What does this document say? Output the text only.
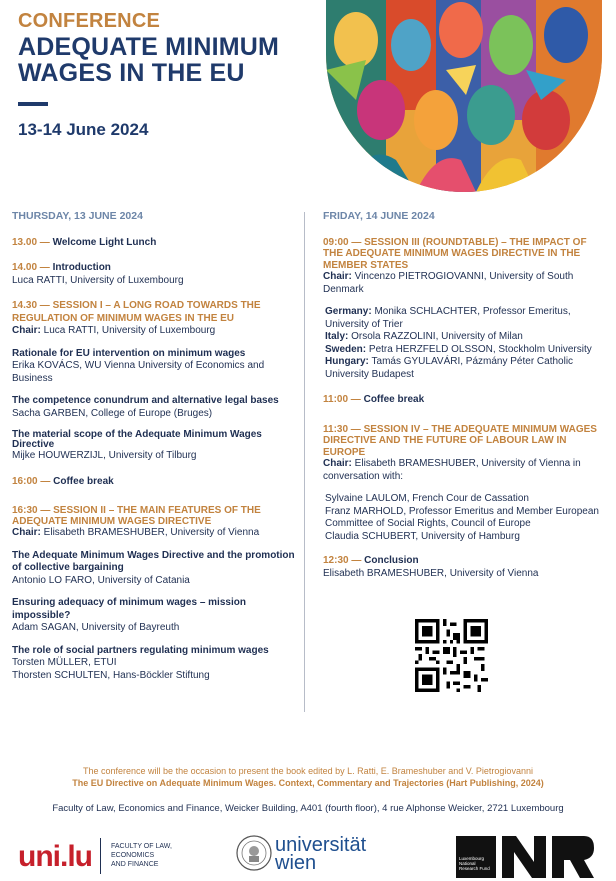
CONFERENCE
ADEQUATE MINIMUM
WAGES IN THE EU
13-14 June 2024
THURSDAY, 13 JUNE 2024
13.00 — Welcome Light Lunch
14.00 — Introduction
Luca RATTI, University of Luxembourg
14.30 — SESSION I – A LONG ROAD TOWARDS THE REGULATION OF MINIMUM WAGES IN THE EU
Chair: Luca RATTI, University of Luxembourg
Rationale for EU intervention on minimum wages
Erika KOVÁCS, WU Vienna University of Economics and Business
The competence conundrum and alternative legal bases
Sacha GARBEN, College of Europe (Bruges)
The material scope of the Adequate Minimum Wages Directive
Mijke HOUWERZIJL, University of Tilburg
16:00 — Coffee break
16:30 — SESSION II – THE MAIN FEATURES OF THE ADEQUATE MINIMUM WAGES DIRECTIVE
Chair: Elisabeth BRAMESHUBER, University of Vienna
The Adequate Minimum Wages Directive and the promotion of collective bargaining
Antonio LO FARO, University of Catania
Ensuring adequacy of minimum wages – mission impossible?
Adam SAGAN, University of Bayreuth
The role of social partners regulating minimum wages
Torsten MÜLLER, ETUI
Thorsten SCHULTEN, Hans-Böckler Stiftung
FRIDAY, 14 JUNE 2024
09:00 — SESSION III (ROUNDTABLE) – THE IMPACT OF THE ADEQUATE MINIMUM WAGES DIRECTIVE IN THE MEMBER STATES
Chair: Vincenzo PIETROGIOVANNI, University of South Denmark
Germany: Monika SCHLACHTER, Professor Emeritus, University of Trier
Italy: Orsola RAZZOLINI, University of Milan
Sweden: Petra HERZFELD OLSSON, Stockholm University
Hungary: Tamás GYULAVÁRI, Pázmány Péter Catholic University Budapest
11:00 — Coffee break
11:30 — SESSION IV – THE ADEQUATE MINIMUM WAGES DIRECTIVE AND THE FUTURE OF LABOUR LAW IN EUROPE
Chair: Elisabeth BRAMESHUBER, University of Vienna in conversation with:
Sylvaine LAULOM, French Cour de Cassation
Franz MARHOLD, Professor Emeritus and Member European Committee of Social Rights, Council of Europe
Claudia SCHUBERT, University of Hamburg
12:30 — Conclusion
Elisabeth BRAMESHUBER, University of Vienna
The conference will be the occasion to present the book edited by L. Ratti, E. Brameshuber and V. Pietrogiovanni
The EU Directive on Adequate Minimum Wages. Context, Commentary and Trajectories (Hart Publishing, 2024)
Faculty of Law, Economics and Finance, Weicker Building, A401 (fourth floor), 4 rue Alphonse Weicker, 2721 Luxembourg
uni.lu	FACULTY OF LAW,
ECONOMICS
AND FINANCE
universität
wien	Luxembourg
National
Research Fund
